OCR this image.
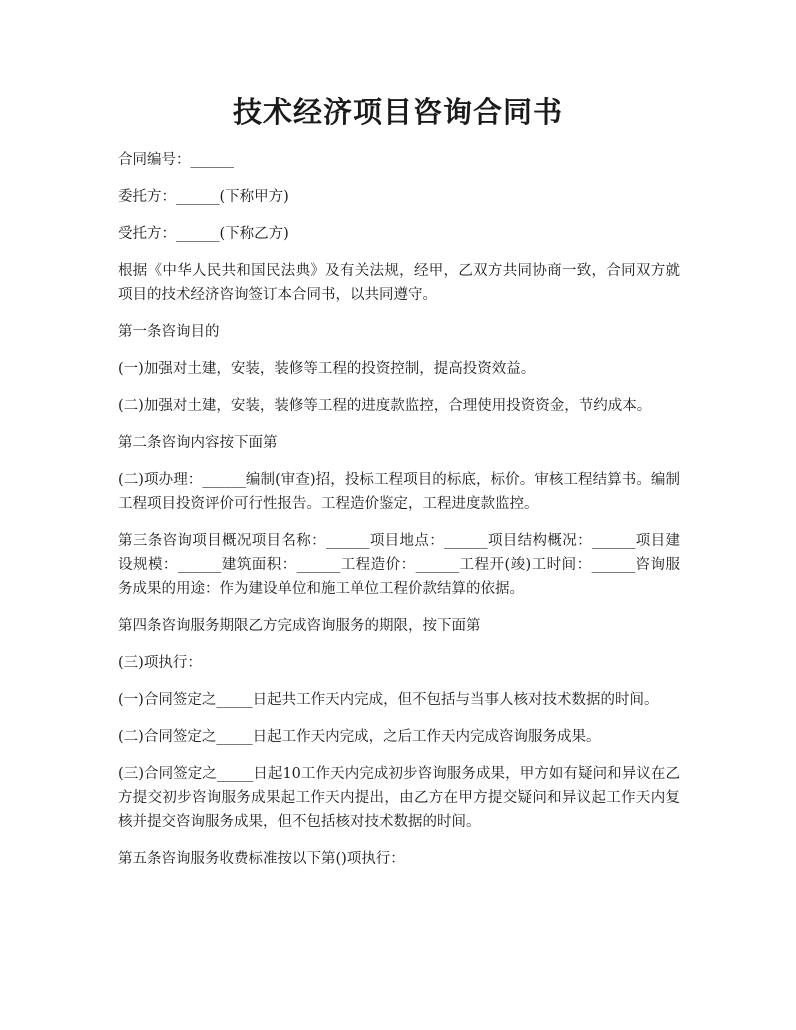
技术经济项目咨询合同书

合同编号：______

委托方：______(下称甲方)

受托方：______(下称乙方)

根据《中华人民共和国民法典》及有关法规，经甲，乙双方共同协商一致，合同双方就项目的技术经济咨询签订本合同书，以共同遵守。

第一条咨询目的

(一)加强对土建，安装，装修等工程的投资控制，提高投资效益。

(二)加强对土建，安装，装修等工程的进度款监控，合理使用投资资金，节约成本。

第二条咨询内容按下面第

(二)项办理：______编制(审查)招，投标工程项目的标底，标价。审核工程结算书。编制工程项目投资评价可行性报告。工程造价鉴定，工程进度款监控。

第三条咨询项目概况项目名称：______项目地点：______项目结构概况：______项目建设规模：______建筑面积：______工程造价：______工程开(竣)工时间：______咨询服务成果的用途：作为建设单位和施工单位工程价款结算的依据。

第四条咨询服务期限乙方完成咨询服务的期限，按下面第

(三)项执行：

(一)合同签定之_____日起共工作天内完成，但不包括与当事人核对技术数据的时间。

(二)合同签定之_____日起工作天内完成，之后工作天内完成咨询服务成果。

(三)合同签定之_____日起10工作天内完成初步咨询服务成果，甲方如有疑问和异议在乙方提交初步咨询服务成果起工作天内提出，由乙方在甲方提交疑问和异议起工作天内复核并提交咨询服务成果，但不包括核对技术数据的时间。

第五条咨询服务收费标准按以下第()项执行：
